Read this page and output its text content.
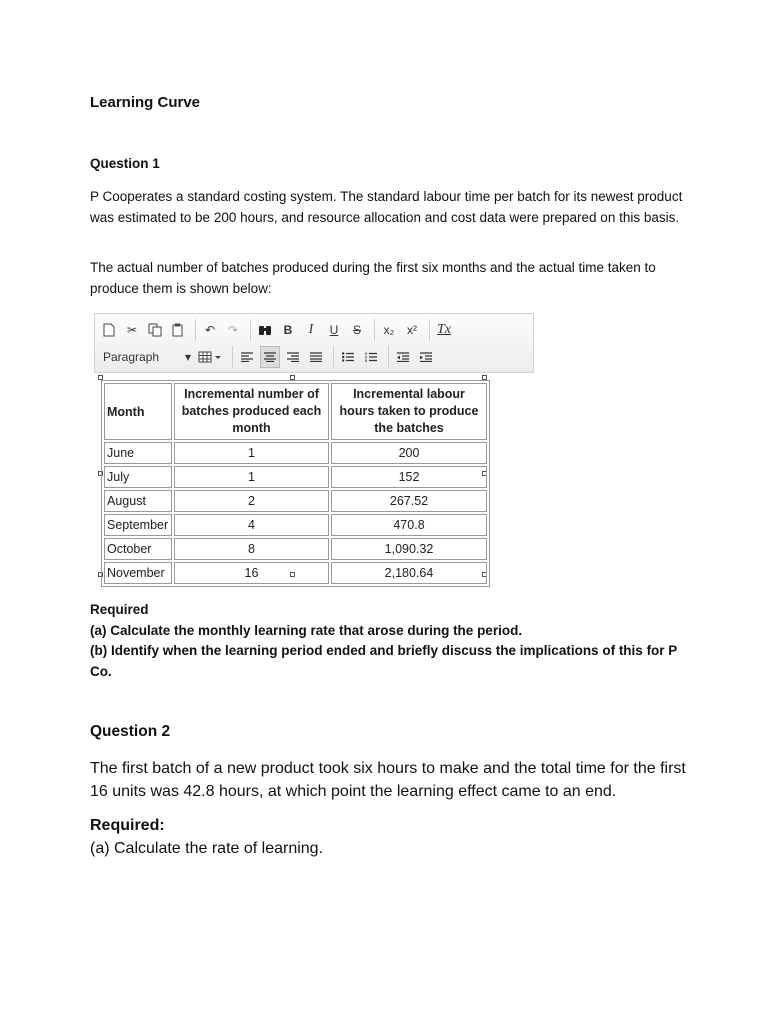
Learning Curve
Question 1
P Cooperates a standard costing system. The standard labour time per batch for its newest product was estimated to be 200 hours, and resource allocation and cost data were prepared on this basis.
The actual number of batches produced during the first six months and the actual time taken to produce them is shown below:
✂	↶	↷	B	I	U	S	x₂	x²	Tx
Paragraph ▾
Month	Incremental number of batches produced each month	Incremental labour hours taken to produce the batches
June	1	200
July	1	152
August	2	267.52
September	4	470.8
October	8	1,090.32
November	16	2,180.64
Required
(a) Calculate the monthly learning rate that arose during the period.
(b) Identify when the learning period ended and briefly discuss the implications of this for P Co.
Question 2
The first batch of a new product took six hours to make and the total time for the first 16 units was 42.8 hours, at which point the learning effect came to an end.
Required:
(a) Calculate the rate of learning.
